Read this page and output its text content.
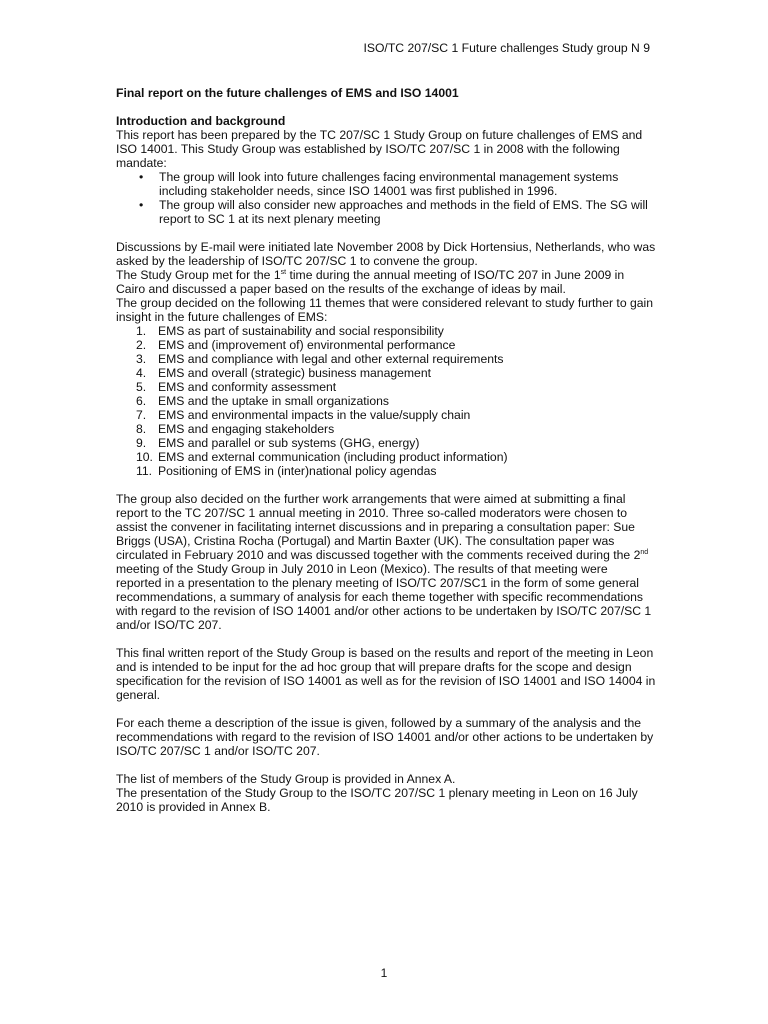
ISO/TC 207/SC 1 Future challenges Study group N 9

Final report on the future challenges of EMS and ISO 14001

Introduction and background

This report has been prepared by the TC 207/SC 1 Study Group on future challenges of EMS and ISO 14001. This Study Group was established by ISO/TC 207/SC 1 in 2008 with the following mandate:

• The group will look into future challenges facing environmental management systems including stakeholder needs, since ISO 14001 was first published in 1996.
• The group will also consider new approaches and methods in the field of EMS. The SG will report to SC 1 at its next plenary meeting

Discussions by E-mail were initiated late November 2008 by Dick Hortensius, Netherlands, who was asked by the leadership of ISO/TC 207/SC 1 to convene the group.

The Study Group met for the 1st time during the annual meeting of ISO/TC 207 in June 2009 in Cairo and discussed a paper based on the results of the exchange of ideas by mail.

The group decided on the following 11 themes that were considered relevant to study further to gain insight in the future challenges of EMS:

1. EMS as part of sustainability and social responsibility
2. EMS and (improvement of) environmental performance
3. EMS and compliance with legal and other external requirements
4. EMS and overall (strategic) business management
5. EMS and conformity assessment
6. EMS and the uptake in small organizations
7. EMS and environmental impacts in the value/supply chain
8. EMS and engaging stakeholders
9. EMS and parallel or sub systems (GHG, energy)
10. EMS and external communication (including product information)
11. Positioning of EMS in (inter)national policy agendas

The group also decided on the further work arrangements that were aimed at submitting a final report to the TC 207/SC 1 annual meeting in 2010. Three so-called moderators were chosen to assist the convener in facilitating internet discussions and in preparing a consultation paper: Sue Briggs (USA), Cristina Rocha (Portugal) and Martin Baxter (UK). The consultation paper was circulated in February 2010 and was discussed together with the comments received during the 2nd meeting of the Study Group in July 2010 in Leon (Mexico). The results of that meeting were reported in a presentation to the plenary meeting of ISO/TC 207/SC1 in the form of some general recommendations, a summary of analysis for each theme together with specific recommendations with regard to the revision of ISO 14001 and/or other actions to be undertaken by ISO/TC 207/SC 1 and/or ISO/TC 207.

This final written report of the Study Group is based on the results and report of the meeting in Leon and is intended to be input for the ad hoc group that will prepare drafts for the scope and design specification for the revision of ISO 14001 as well as for the revision of ISO 14001 and ISO 14004 in general.

For each theme a description of the issue is given, followed by a summary of the analysis and the recommendations with regard to the revision of ISO 14001 and/or other actions to be undertaken by ISO/TC 207/SC 1 and/or ISO/TC 207.

The list of members of the Study Group is provided in Annex A.

The presentation of the Study Group to the ISO/TC 207/SC 1 plenary meeting in Leon on 16 July 2010 is provided in Annex B.

1
